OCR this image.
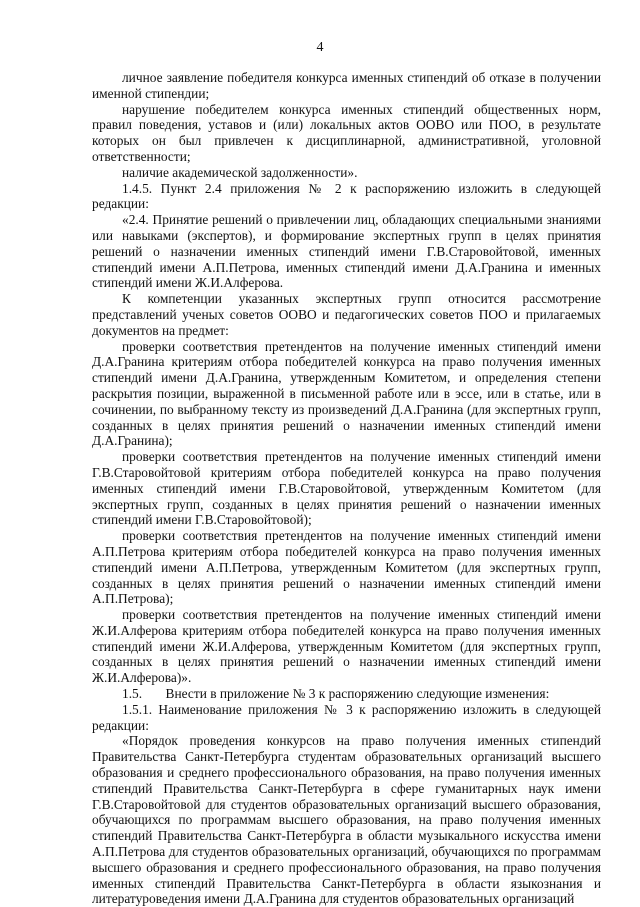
4

личное заявление победителя конкурса именных стипендий об отказе в получении именной стипендии;

нарушение победителем конкурса именных стипендий общественных норм, правил поведения, уставов и (или) локальных актов ООВО или ПОО, в результате которых он был привлечен к дисциплинарной, административной, уголовной ответственности;

наличие академической задолженности».

1.4.5. Пункт 2.4 приложения № 2 к распоряжению изложить в следующей редакции:

«2.4. Принятие решений о привлечении лиц, обладающих специальными знаниями или навыками (экспертов), и формирование экспертных групп в целях принятия решений о назначении именных стипендий имени Г.В.Старовойтовой, именных стипендий имени А.П.Петрова, именных стипендий имени Д.А.Гранина и именных стипендий имени Ж.И.Алферова.

К компетенции указанных экспертных групп относится рассмотрение представлений ученых советов ООВО и педагогических советов ПОО и прилагаемых документов на предмет:

проверки соответствия претендентов на получение именных стипендий имени Д.А.Гранина критериям отбора победителей конкурса на право получения именных стипендий имени Д.А.Гранина, утвержденным Комитетом, и определения степени раскрытия позиции, выраженной в письменной работе или в эссе, или в статье, или в сочинении, по выбранному тексту из произведений Д.А.Гранина (для экспертных групп, созданных в целях принятия решений о назначении именных стипендий имени Д.А.Гранина);

проверки соответствия претендентов на получение именных стипендий имени Г.В.Старовойтовой критериям отбора победителей конкурса на право получения именных стипендий имени Г.В.Старовойтовой, утвержденным Комитетом (для экспертных групп, созданных в целях принятия решений о назначении именных стипендий имени Г.В.Старовойтовой);

проверки соответствия претендентов на получение именных стипендий имени А.П.Петрова критериям отбора победителей конкурса на право получения именных стипендий имени А.П.Петрова, утвержденным Комитетом (для экспертных групп, созданных в целях принятия решений о назначении именных стипендий имени А.П.Петрова);

проверки соответствия претендентов на получение именных стипендий имени Ж.И.Алферова критериям отбора победителей конкурса на право получения именных стипендий имени Ж.И.Алферова, утвержденным Комитетом (для экспертных групп, созданных в целях принятия решений о назначении именных стипендий имени Ж.И.Алферова)».

1.5.       Внести в приложение № 3 к распоряжению следующие изменения:

1.5.1. Наименование приложения № 3 к распоряжению изложить в следующей редакции:

«Порядок проведения конкурсов на право получения именных стипендий Правительства Санкт-Петербурга студентам образовательных организаций высшего образования и среднего профессионального образования, на право получения именных стипендий Правительства Санкт-Петербурга в сфере гуманитарных наук имени Г.В.Старовойтовой для студентов образовательных организаций высшего образования, обучающихся по программам высшего образования, на право получения именных стипендий Правительства Санкт-Петербурга в области музыкального искусства имени А.П.Петрова для студентов образовательных организаций, обучающихся по программам высшего образования и среднего профессионального образования, на право получения именных стипендий Правительства Санкт-Петербурга в области языкознания и литературоведения имени Д.А.Гранина для студентов образовательных организаций
